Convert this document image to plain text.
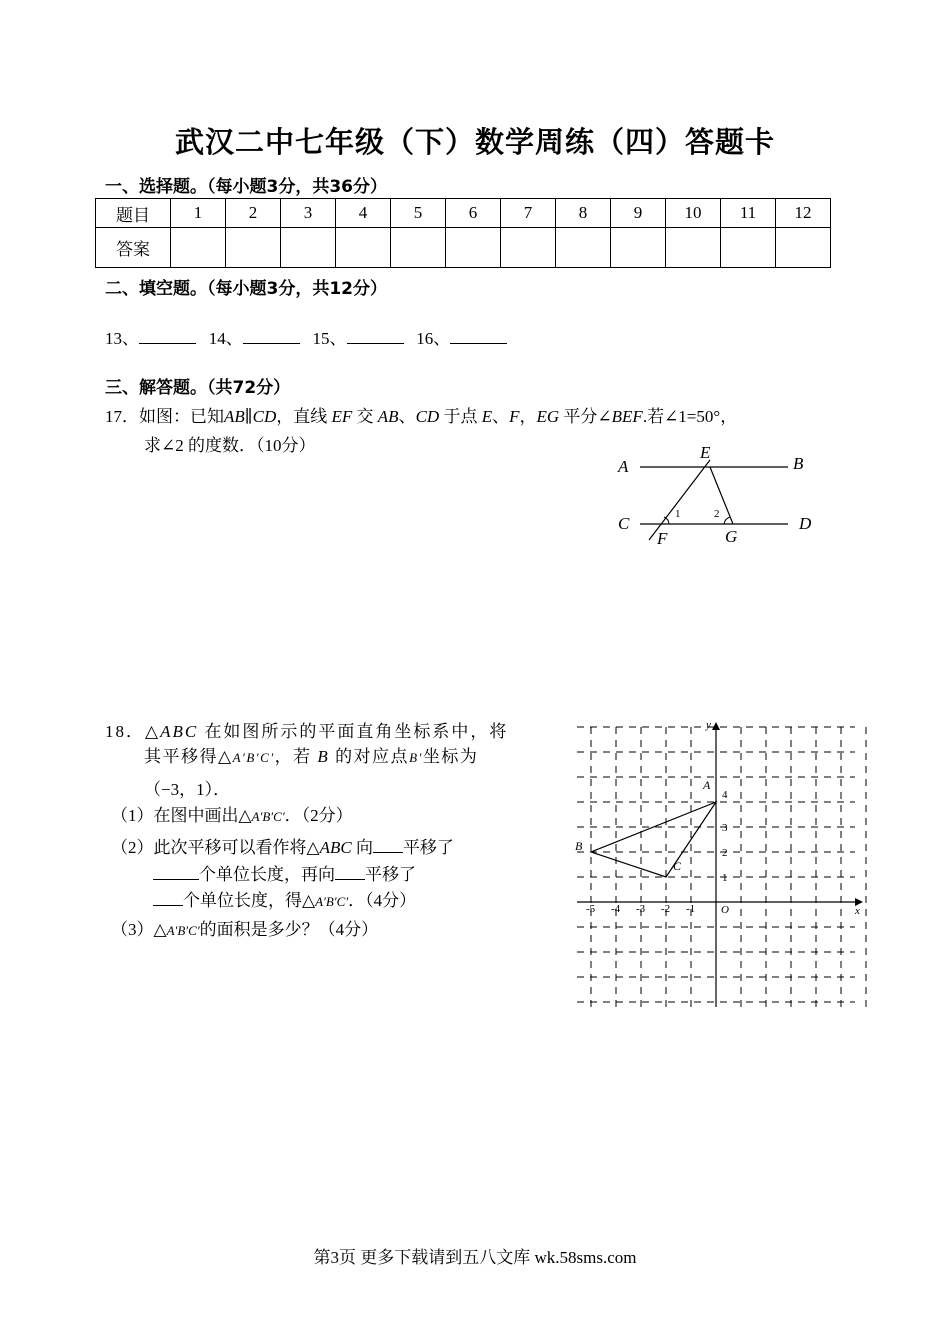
武汉二中七年级（下）数学周练（四）答题卡
一、选择题。（每小题3分，共36分）
题目	1	2	3	4	5	6	7	8	9	10	11	12
答案												
二、填空题。（每小题3分，共12分）
13、	14、	15、	16、
三、解答题。（共72分）
17．如图：已知AB∥CD，直线 EF 交 AB、CD 于点 E、F，EG 平分∠BEF.若∠1=50°，
求∠2 的度数．（10分）
A	B
C	D
E
F	G
1	2
18．△ABC 在如图所示的平面直角坐标系中，将
其平移得△A′B′C′，若 B 的对应点B′坐标为
（−3，1）．
（1）在图中画出△A′B′C′．（2分）
（2）此次平移可以看作将△ABC 向 平移了
个单位长度，再向 平移了
个单位长度，得△A′B′C′．（4分）
（3）△A′B′C′的面积是多少？（4分）
x
y
O
-5 -4 -3 -2 -1
1
2
3
4
A
B
C
第3页 更多下载请到五八文库 wk.58sms.com
